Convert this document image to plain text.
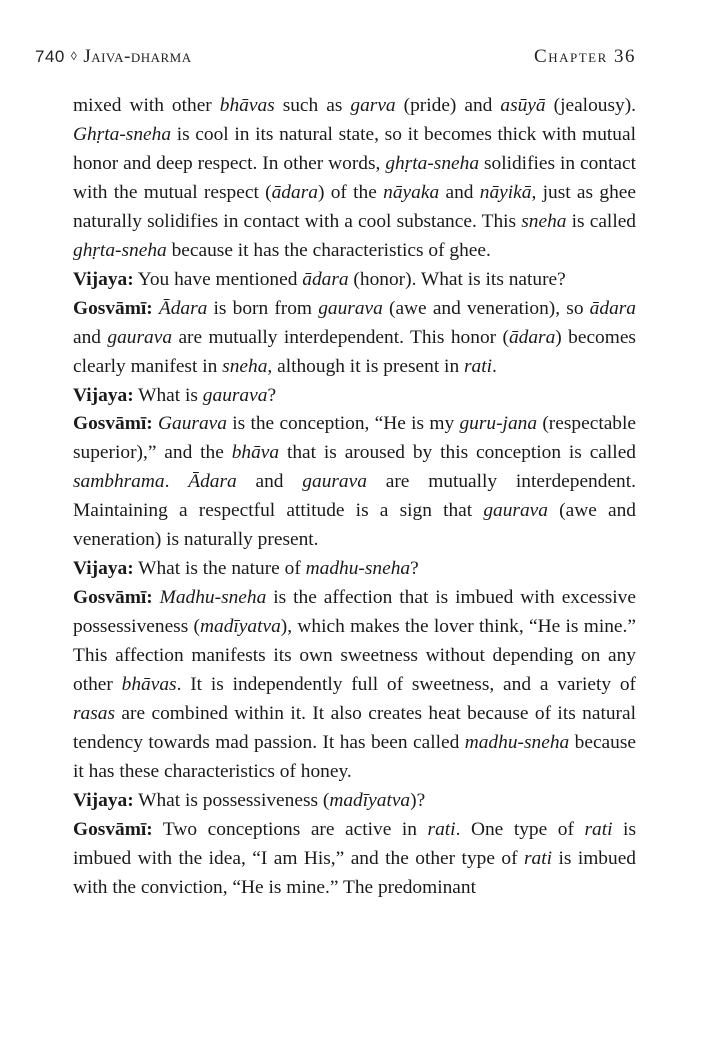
740 ◊ Jaiva-dharma	Chapter 36

mixed with other bhāvas such as garva (pride) and asūyā (jealousy). Ghṛta-sneha is cool in its natural state, so it becomes thick with mutual honor and deep respect. In other words, ghṛta-sneha solidifies in contact with the mutual respect (ādara) of the nāyaka and nāyikā, just as ghee naturally solidifies in contact with a cool substance. This sneha is called ghṛta-sneha because it has the characteristics of ghee.

Vijaya: You have mentioned ādara (honor). What is its nature?

Gosvāmī: Ādara is born from gaurava (awe and veneration), so ādara and gaurava are mutually interdependent. This honor (ādara) becomes clearly manifest in sneha, although it is present in rati.

Vijaya: What is gaurava?

Gosvāmī: Gaurava is the conception, “He is my guru-jana (respectable superior),” and the bhāva that is aroused by this conception is called sambhrama. Ādara and gaurava are mutually interdependent. Maintaining a respectful attitude is a sign that gaurava (awe and veneration) is naturally present.

Vijaya: What is the nature of madhu-sneha?

Gosvāmī: Madhu-sneha is the affection that is imbued with excessive possessiveness (madīyatva), which makes the lover think, “He is mine.” This affection manifests its own sweetness without depending on any other bhāvas. It is independently full of sweetness, and a variety of rasas are combined within it. It also creates heat because of its natural tendency towards mad passion. It has been called madhu-sneha because it has these characteristics of honey.

Vijaya: What is possessiveness (madīyatva)?

Gosvāmī: Two conceptions are active in rati. One type of rati is imbued with the idea, “I am His,” and the other type of rati is imbued with the conviction, “He is mine.” The predominant
